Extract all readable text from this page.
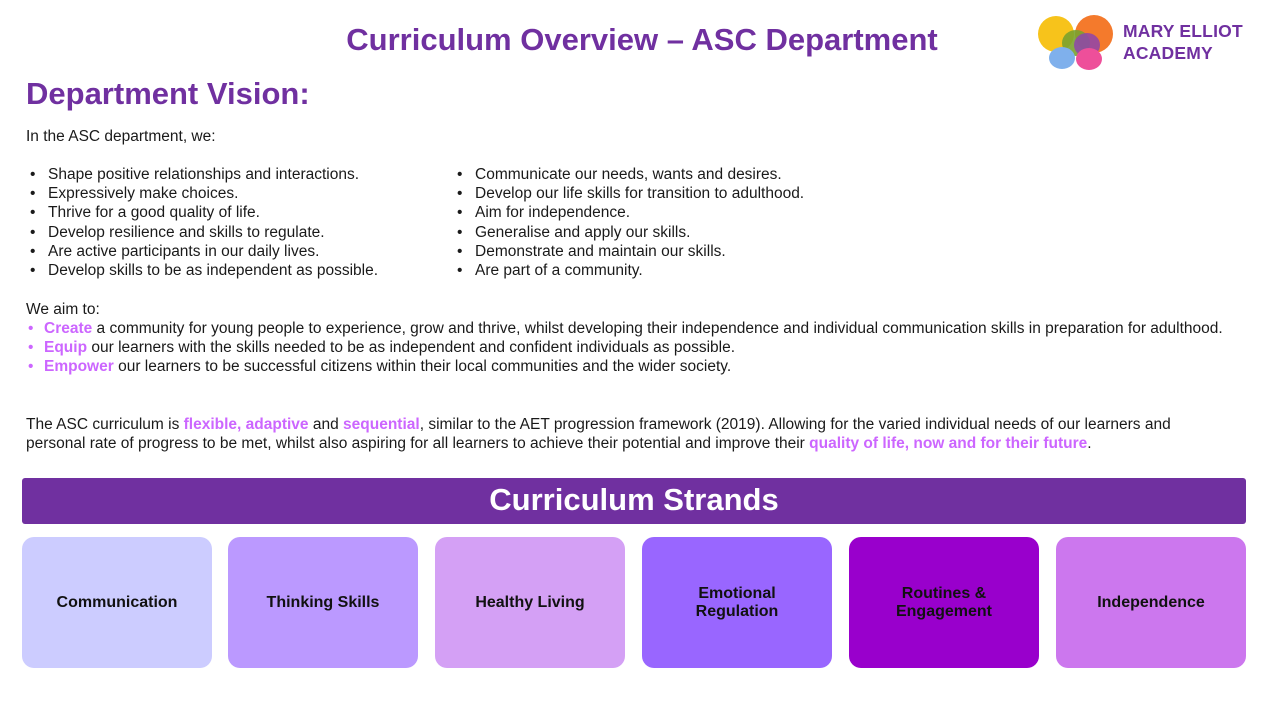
Curriculum Overview – ASC Department	MARY ELLIOT
ACADEMY
Department Vision:
In the ASC department, we:
• Shape positive relationships and interactions.
• Expressively make choices.
• Thrive for a good quality of life.
• Develop resilience and skills to regulate.
• Are active participants in our daily lives.
• Develop skills to be as independent as possible.
• Communicate our needs, wants and desires.
• Develop our life skills for transition to adulthood.
• Aim for independence.
• Generalise and apply our skills.
• Demonstrate and maintain our skills.
• Are part of a community.
We aim to:
• Create a community for young people to experience, grow and thrive, whilst developing their independence and individual communication skills in preparation for adulthood.
• Equip our learners with the skills needed to be as independent and confident individuals as possible.
• Empower our learners to be successful citizens within their local communities and the wider society.

The ASC curriculum is flexible, adaptive and sequential, similar to the AET progression framework (2019). Allowing for the varied individual needs of our learners and personal rate of progress to be met, whilst also aspiring for all learners to achieve their potential and improve their quality of life, now and for their future.

Curriculum Strands
Communication	Thinking Skills	Healthy Living
Emotional Regulation
Routines & Engagement
Independence
